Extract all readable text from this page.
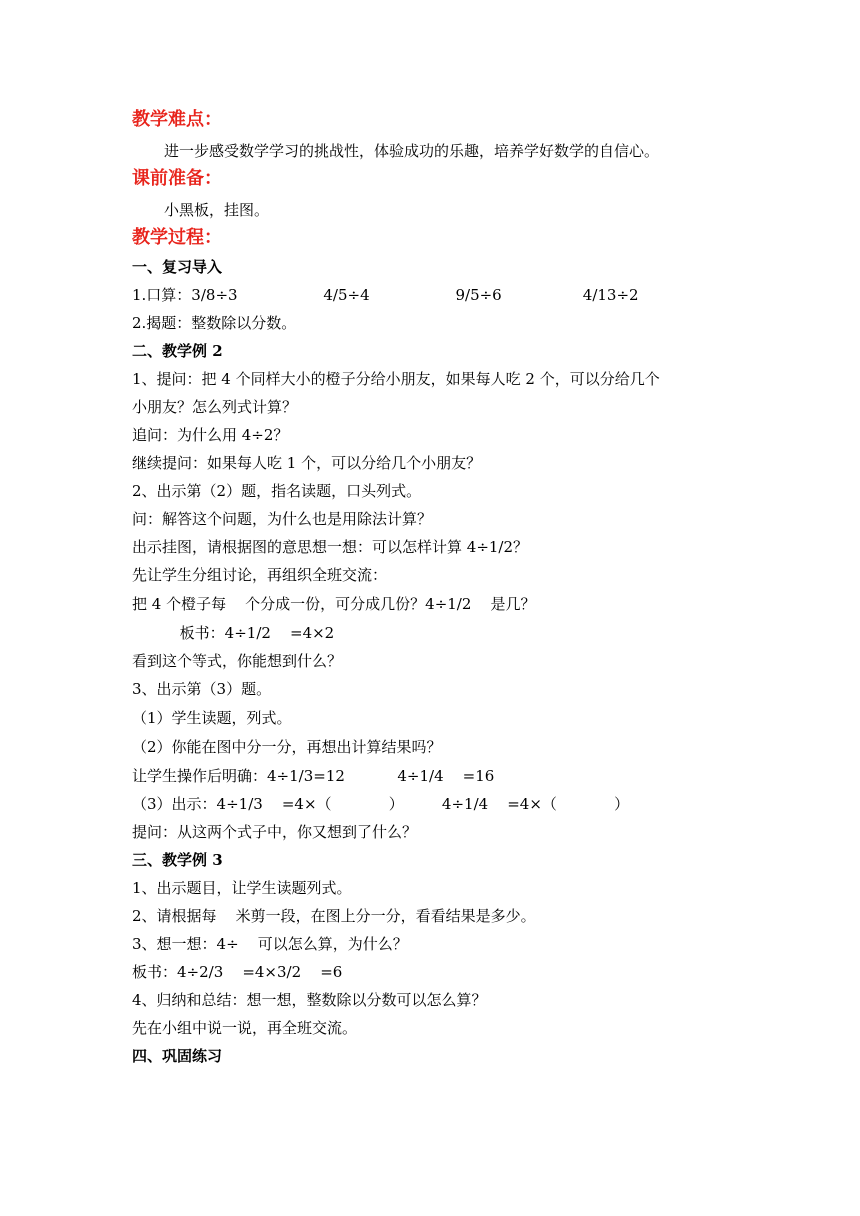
教学难点：
进一步感受数学学习的挑战性，体验成功的乐趣，培养学好数学的自信心。
课前准备：
小黑板，挂图。
教学过程：
一、复习导入
1.口算：3/8÷3                  4/5÷4                  9/5÷6                 4/13÷2
2.揭题：整数除以分数。
二、教学例 2
1、提问：把 4 个同样大小的橙子分给小朋友，如果每人吃 2 个，可以分给几个
小朋友？怎么列式计算？
追问：为什么用 4÷2？
继续提问：如果每人吃 1 个，可以分给几个小朋友？
2、出示第（2）题，指名读题，口头列式。
问：解答这个问题，为什么也是用除法计算？
出示挂图，请根据图的意思想一想：可以怎样计算 4÷1/2？
先让学生分组讨论，再组织全班交流：
把 4 个橙子每    个分成一份，可分成几份？4÷1/2    是几？
板书：4÷1/2    =4×2
看到这个等式，你能想到什么？
3、出示第（3）题。
（1）学生读题，列式。
（2）你能在图中分一分，再想出计算结果吗？
让学生操作后明确：4÷1/3=12           4÷1/4    =16
（3）出示：4÷1/3    =4×（            ）        4÷1/4    =4×（            ）
提问：从这两个式子中，你又想到了什么？
三、教学例 3
1、出示题目，让学生读题列式。
2、请根据每    米剪一段，在图上分一分，看看结果是多少。
3、想一想：4÷    可以怎么算，为什么？
板书：4÷2/3    =4×3/2    =6
4、归纳和总结：想一想，整数除以分数可以怎么算？
先在小组中说一说，再全班交流。
四、巩固练习
